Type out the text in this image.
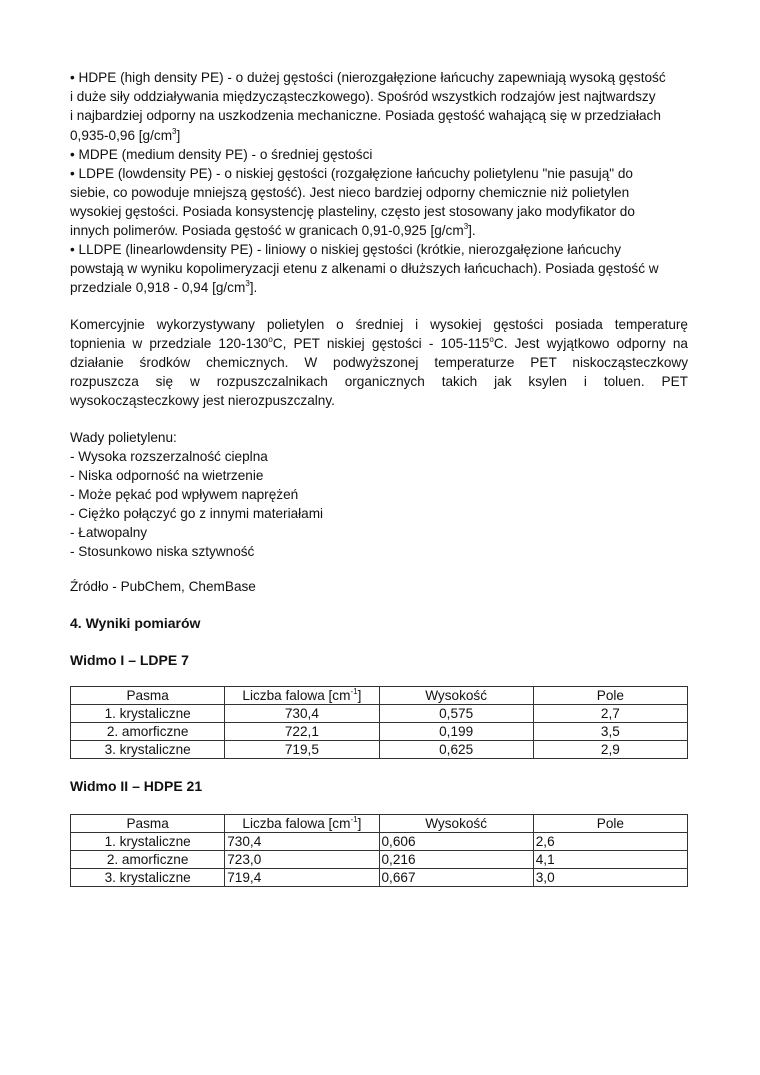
• HDPE (high density PE) - o dużej gęstości (nierozgałęzione łańcuchy zapewniają wysoką gęstość
i duże siły oddziaływania międzycząsteczkowego). Spośród wszystkich rodzajów jest najtwardszy
i najbardziej odporny na uszkodzenia mechaniczne. Posiada gęstość wahającą się w przedziałach
0,935-0,96 $[g/cm^3]$
• MDPE (medium density PE) - o średniej gęstości
• LDPE (lowdensity PE) - o niskiej gęstości (rozgałęzione łańcuchy polietylenu "nie pasują" do
siebie, co powoduje mniejszą gęstość). Jest nieco bardziej odporny chemicznie niż polietylen
wysokiej gęstości. Posiada konsystencję plasteliny, często jest stosowany jako modyfikator do
innych polimerów. Posiada gęstość w granicach 0,91-0,925 $[g/cm^3]$.
• LLDPE (linearlowdensity PE) - liniowy o niskiej gęstości (krótkie, nierozgałęzione łańcuchy
powstają w wyniku kopolimeryzacji etenu z alkenami o dłuższych łańcuchach). Posiada gęstość w
przedziale 0,918 - 0,94 $[g/cm^3]$.
Komercyjnie wykorzystywany polietylen o średniej i wysokiej gęstości posiada temperaturę
topnienia w przedziale 120-130$^o$C, PET niskiej gęstości - 105-115$^o$C. Jest wyjątkowo odporny na
działanie środków chemicznych. W podwyższonej temperaturze PET niskocząsteczkowy
rozpuszcza się w rozpuszczalnikach organicznych takich jak ksylen i toluen. PET
wysokocząsteczkowy jest nierozpuszczalny.
Wady polietylenu:
- Wysoka rozszerzalność cieplna
- Niska odporność na wietrzenie
- Może pękać pod wpływem naprężeń
- Ciężko połączyć go z innymi materiałami
- Łatwopalny
- Stosunkowo niska sztywność
Źródło - PubChem, ChemBase
4. Wyniki pomiarów
Widmo I – LDPE 7
Pasma	Liczba falowa $[cm^{-1}]$	Wysokość	Pole
1. krystaliczne	730,4	0,575	2,7
2. amorficzne	722,1	0,199	3,5
3. krystaliczne	719,5	0,625	2,9
Widmo II – HDPE 21
Pasma	Liczba falowa $[cm^{-1}]$	Wysokość	Pole
1. krystaliczne	730,4	0,606	2,6
2. amorficzne	723,0	0,216	4,1
3. krystaliczne	719,4	0,667	3,0
